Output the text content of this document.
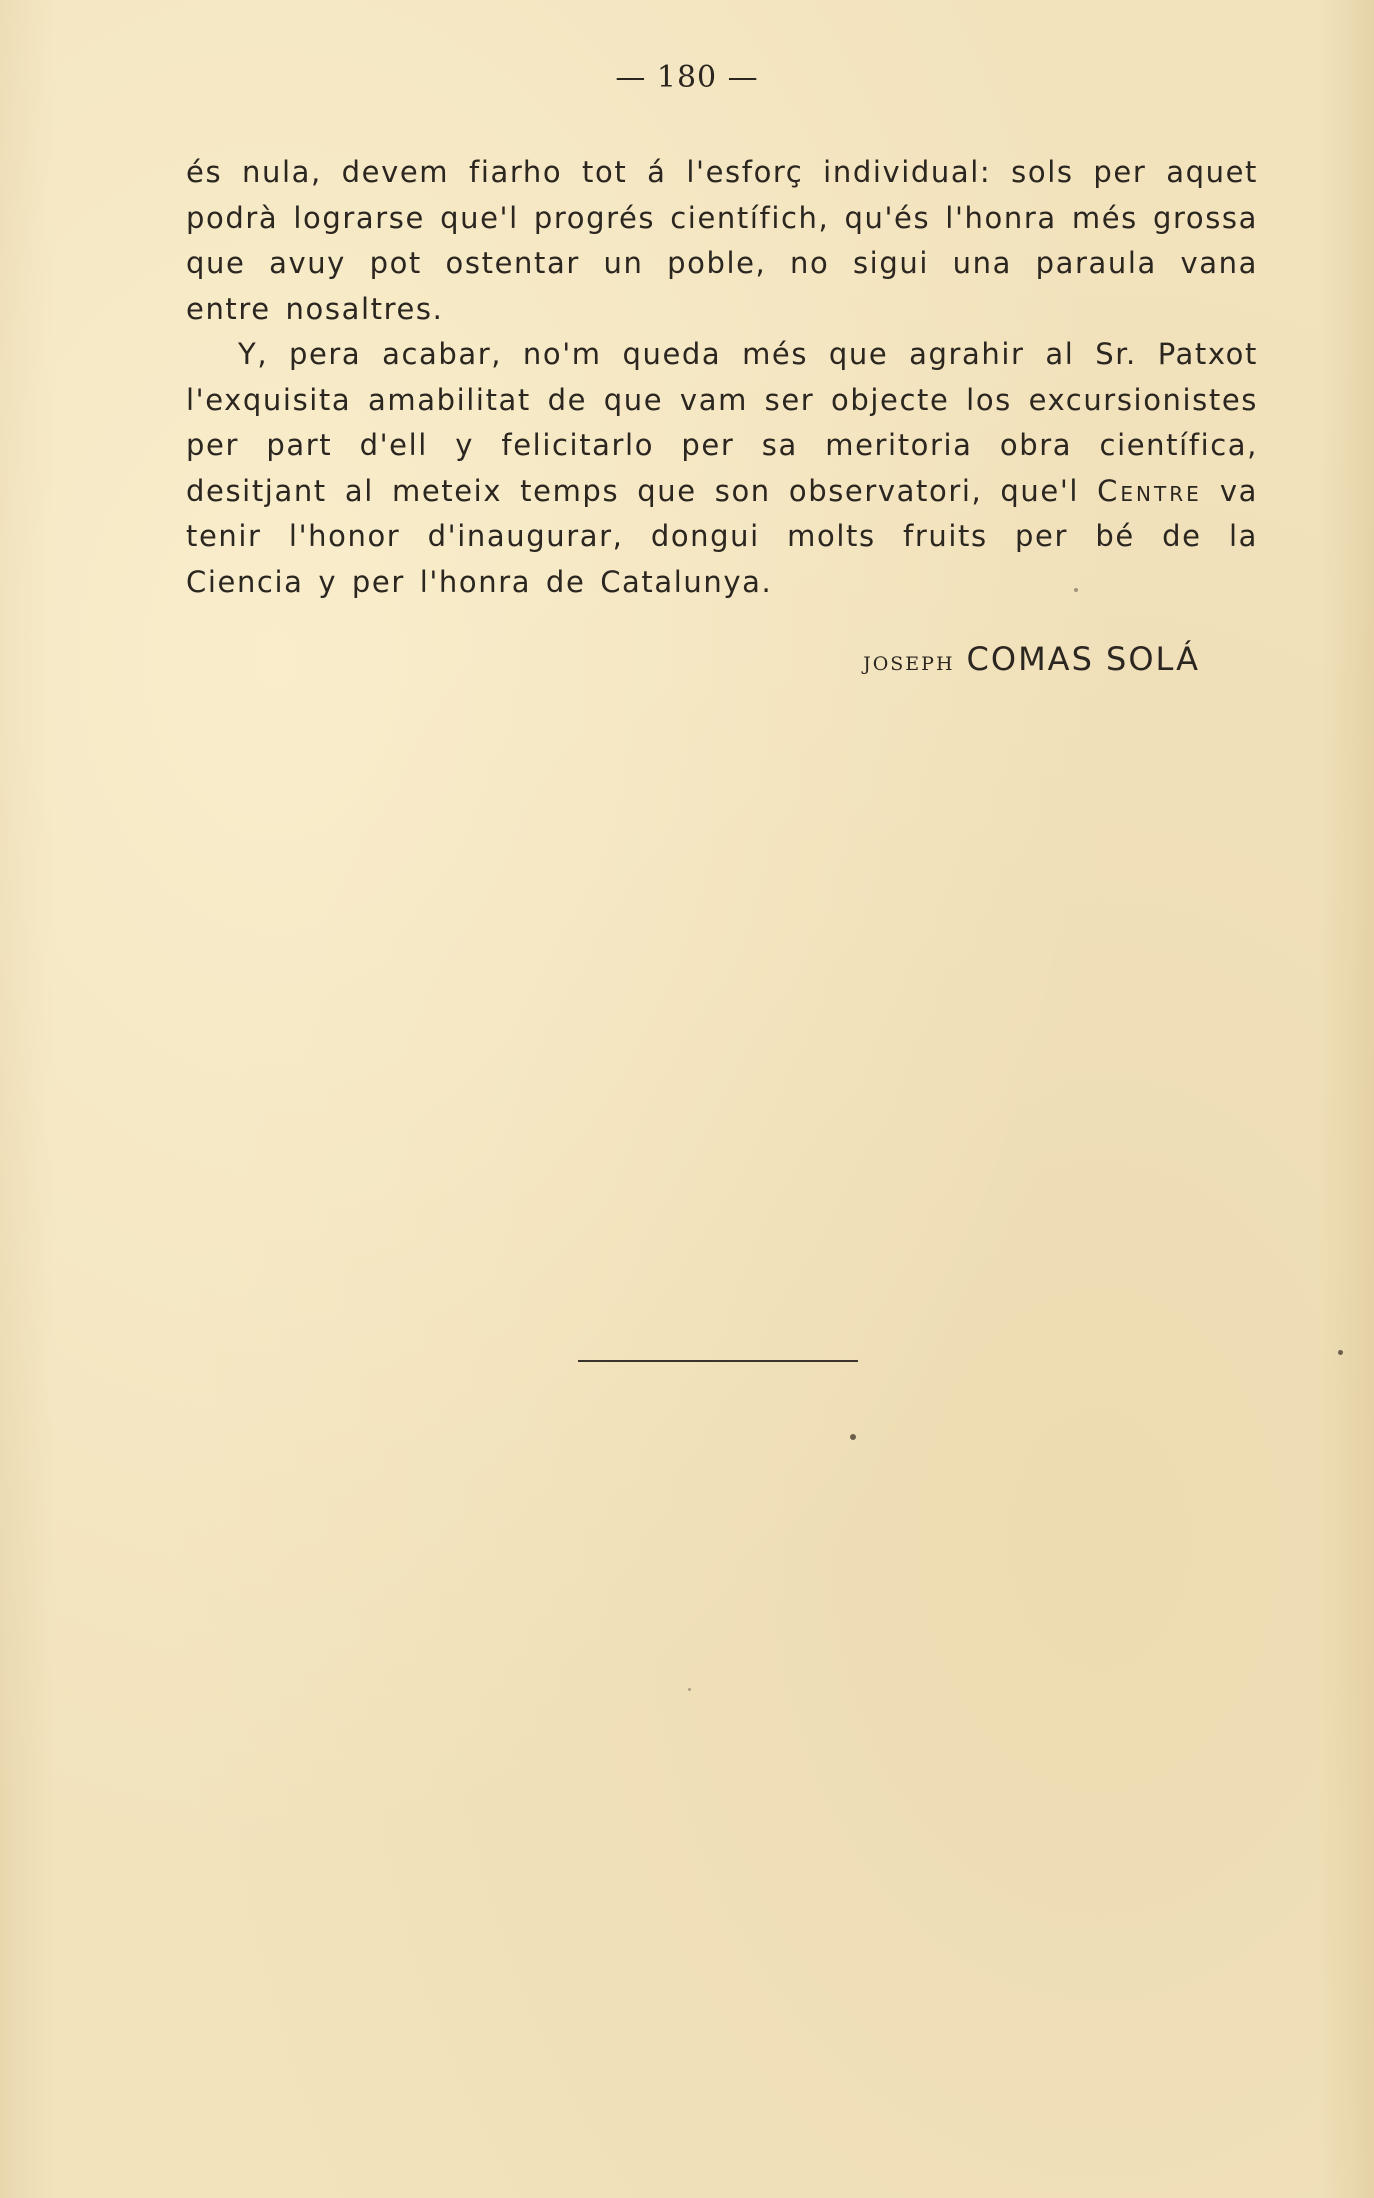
— 180 —

és nula, devem fiarho tot á l'esforç individual: sols per aquet podrà lograrse que'l progrés científich, qu'és l'honra més grossa que avuy pot ostentar un poble, no sigui una paraula vana entre nosaltres.

Y, pera acabar, no'm queda més que agrahir al Sr. Patxot l'exquisita amabilitat de que vam ser objecte los excursionistes per part d'ell y felicitarlo per sa meritoria obra científica, desitjant al meteix temps que son observatori, que'l Centre va tenir l'honor d'inaugurar, dongui molts fruits per bé de la Ciencia y per l'honra de Catalunya.

JOSEPH COMAS SOLÁ
